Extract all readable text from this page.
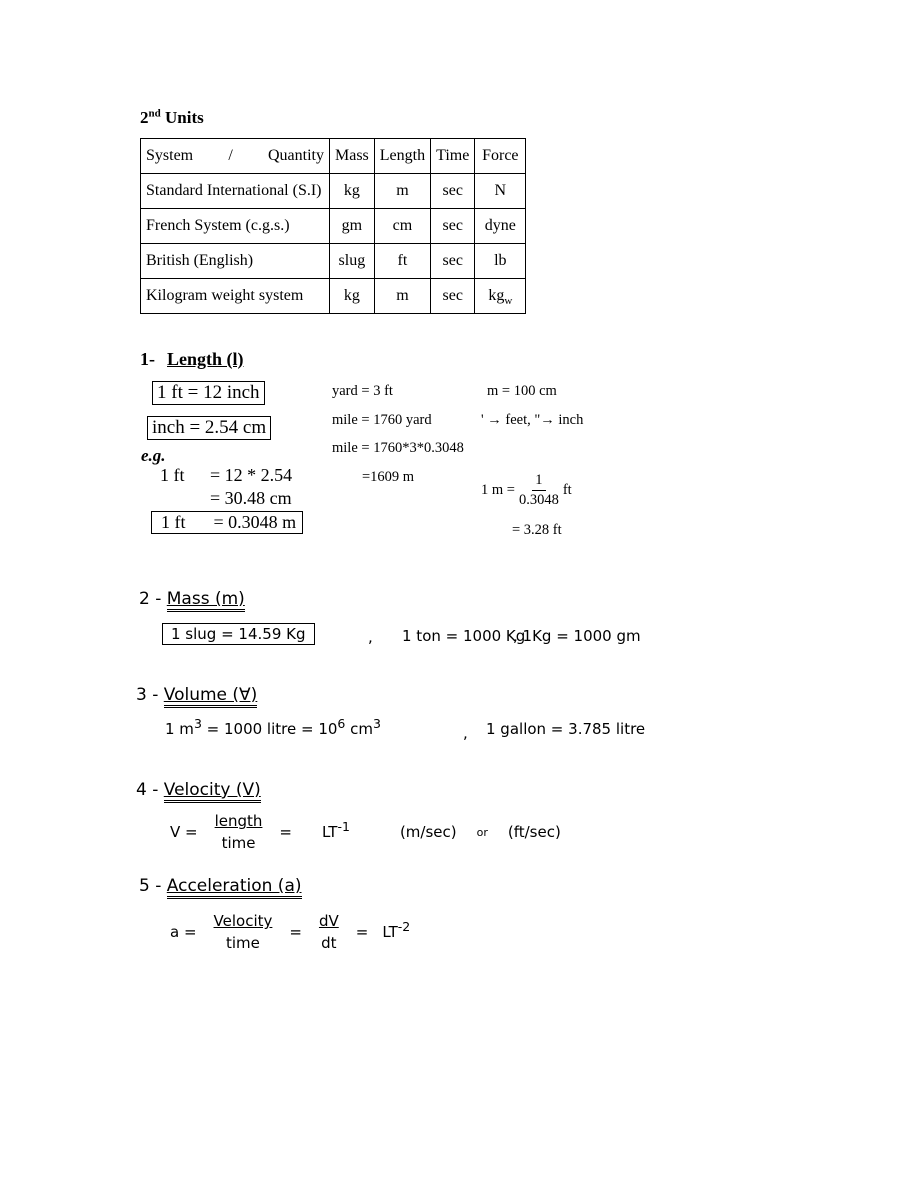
2nd Units
System / Quantity	Mass	Length	Time	Force
Standard International (S.I)	kg	m	sec	N
French System (c.g.s.)	gm	cm	sec	dyne
British (English)	slug	ft	sec	lb
Kilogram weight system	kg	m	sec	$kg_w$
1- Length (l)
1 ft = 12 inch
inch = 2.54 cm
e.g.
1 ft = 12 * 2.54
= 30.48 cm
1 ft = 0.3048 m
yard = 3 ft
mile = 1760 yard
mile = 1760*3*0.3048
=1609 m
m = 100 cm
' → feet, "→ inch
1 $m = \frac{1}{0.3048}$ ft
= 3.28 ft
2 - Mass (m)
1 slug = 14.59 Kg	, 1 ton = 1000 Kg
, 1Kg = 1000 gm
3 - Volume (∀)
1 $m^3 = 1000$ litre = $10^6$ $cm^3$
, 1 gallon = 3.785 litre
4 - Velocity (V)
$V = \frac{\text{length}}{\text{time}} = LT^{-1}$	(m/sec) or (ft/sec)
5 - Acceleration (a)
$a = \frac{\text{Velocity}}{\text{time}} = \frac{dV}{dt} = LT^{-2}$
